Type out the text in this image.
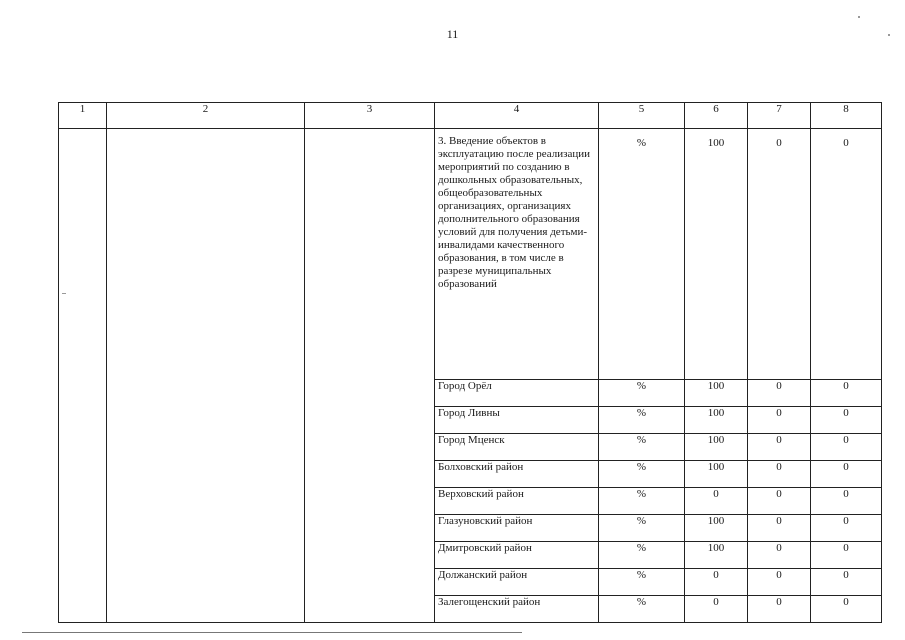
11
1	2	3	4	5	6	7	8
			3. Введение объектов в эксплуатацию после реализации мероприятий по созданию в дошкольных образовательных, общеобразовательных организациях, организациях дополнительного образования условий для получения детьми-инвалидами качественного образования, в том числе в разрезе муниципальных образований	%	100	0	0
			Город Орёл	%	100	0	0
			Город Ливны	%	100	0	0
			Город Мценск	%	100	0	0
			Болховский район	%	100	0	0
			Верховский район	%	0	0	0
			Глазуновский район	%	100	0	0
			Дмитровский район	%	100	0	0
			Должанский район	%	0	0	0
			Залегощенский район	%	0	0	0
